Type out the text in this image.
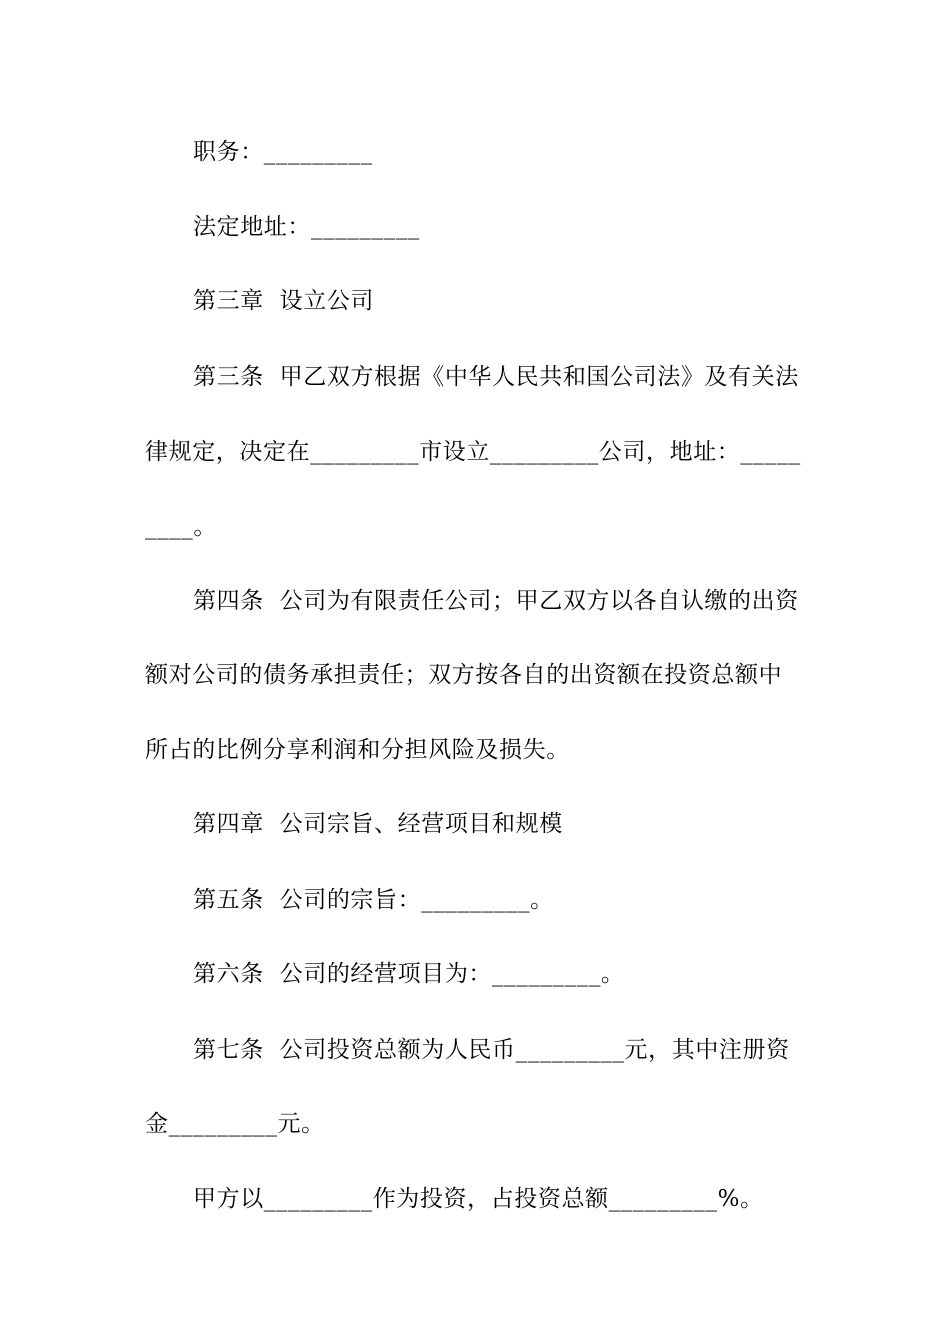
职务：_________
法定地址：_________
第三章  设立公司
第三条  甲乙双方根据《中华人民共和国公司法》及有关法
律规定，决定在_________市设立_________公司，地址：_____
____。
第四条  公司为有限责任公司；甲乙双方以各自认缴的出资
额对公司的债务承担责任；双方按各自的出资额在投资总额中
所占的比例分享利润和分担风险及损失。
第四章  公司宗旨、经营项目和规模
第五条  公司的宗旨：_________。
第六条  公司的经营项目为：_________。
第七条  公司投资总额为人民币_________元，其中注册资
金_________元。
甲方以_________作为投资，占投资总额_________%。
